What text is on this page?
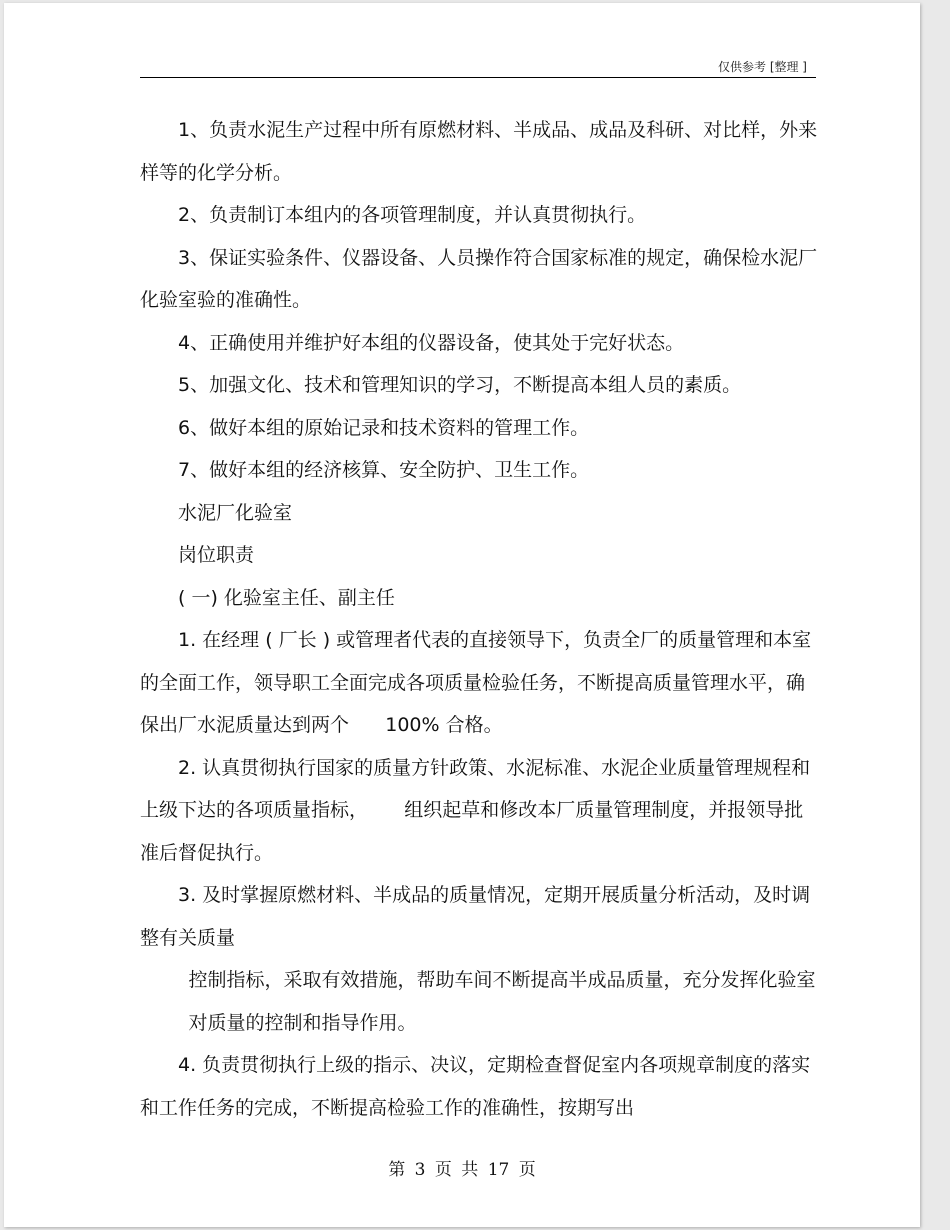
仅供参考 [整理 ]

1、负责水泥生产过程中所有原燃材料、半成品、成品及科研、对比样，外来样等的化学分析。

2、负责制订本组内的各项管理制度，并认真贯彻执行。

3、保证实验条件、仪器设备、人员操作符合国家标准的规定，确保检水泥厂化验室验的准确性。

4、正确使用并维护好本组的仪器设备，使其处于完好状态。

5、加强文化、技术和管理知识的学习，不断提高本组人员的素质。

6、做好本组的原始记录和技术资料的管理工作。

7、做好本组的经济核算、安全防护、卫生工作。

水泥厂化验室

岗位职责

( 一) 化验室主任、副主任

1. 在经理 ( 厂长 ) 或管理者代表的直接领导下，负责全厂的质量管理和本室的全面工作，领导职工全面完成各项质量检验任务，不断提高质量管理水平，确保出厂水泥质量达到两个      100% 合格。

2. 认真贯彻执行国家的质量方针政策、水泥标准、水泥企业质量管理规程和上级下达的各项质量指标，      组织起草和修改本厂质量管理制度，并报领导批准后督促执行。

3. 及时掌握原燃材料、半成品的质量情况，定期开展质量分析活动，及时调整有关质量

控制指标，采取有效措施，帮助车间不断提高半成品质量，充分发挥化验室对质量的控制和指导作用。

4. 负责贯彻执行上级的指示、决议，定期检查督促室内各项规章制度的落实和工作任务的完成，不断提高检验工作的准确性，按期写出

第 3 页 共 17 页
